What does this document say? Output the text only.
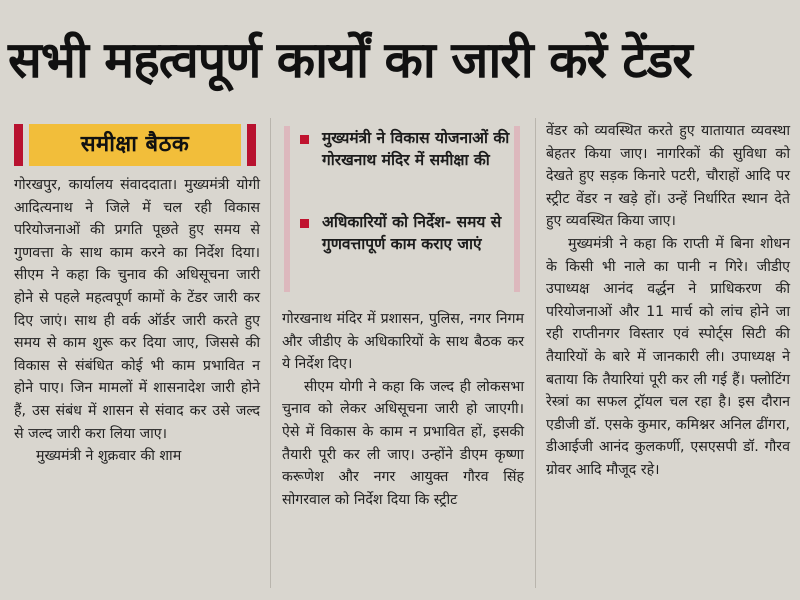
सभी महत्वपूर्ण कार्यों का जारी करें टेंडर
समीक्षा बैठक

गोरखपुर, कार्यालय संवाददाता। मुख्यमंत्री योगी आदित्यनाथ ने जिले में चल रही विकास परियोजनाओं की प्रगति पूछते हुए समय से गुणवत्ता के साथ काम करने का निर्देश दिया। सीएम ने कहा कि चुनाव की अधिसूचना जारी होने से पहले महत्वपूर्ण कामों के टेंडर जारी कर दिए जाएं। साथ ही वर्क ऑर्डर जारी करते हुए समय से काम शुरू कर दिया जाए, जिससे की विकास से संबंधित कोई भी काम प्रभावित न होने पाए। जिन मामलों में शासनादेश जारी होने हैं, उस संबंध में शासन से संवाद कर उसे जल्द से जल्द जारी करा लिया जाए।

मुख्यमंत्री ने शुक्रवार की शाम

मुख्यमंत्री ने विकास योजनाओं की गोरखनाथ मंदिर में समीक्षा की
अधिकारियों को निर्देश- समय से गुणवत्तापूर्ण काम कराए जाएं

गोरखनाथ मंदिर में प्रशासन, पुलिस, नगर निगम और जीडीए के अधिकारियों के साथ बैठक कर ये निर्देश दिए।

सीएम योगी ने कहा कि जल्द ही लोकसभा चुनाव को लेकर अधिसूचना जारी हो जाएगी। ऐसे में विकास के काम न प्रभावित हों, इसकी तैयारी पूरी कर ली जाए। उन्होंने डीएम कृष्णा करूणेश और नगर आयुक्त गौरव सिंह सोगरवाल को निर्देश दिया कि स्ट्रीट

वेंडर को व्यवस्थित करते हुए यातायात व्यवस्था बेहतर किया जाए। नागरिकों की सुविधा को देखते हुए सड़क किनारे पटरी, चौराहों आदि पर स्ट्रीट वेंडर न खड़े हों। उन्हें निर्धारित स्थान देते हुए व्यवस्थित किया जाए।

मुख्यमंत्री ने कहा कि राप्ती में बिना शोधन के किसी भी नाले का पानी न गिरे। जीडीए उपाध्यक्ष आनंद वर्द्धन ने प्राधिकरण की परियोजनाओं और 11 मार्च को लांच होने जा रही राप्तीनगर विस्तार एवं स्पोर्ट्स सिटी की तैयारियों के बारे में जानकारी ली। उपाध्यक्ष ने बताया कि तैयारियां पूरी कर ली गई हैं। फ्लोटिंग रेस्त्रां का सफल ट्रॉयल चल रहा है। इस दौरान एडीजी डॉ. एसके कुमार, कमिश्नर अनिल ढींगरा, डीआईजी आनंद कुलकर्णी, एसएसपी डॉ. गौरव ग्रोवर आदि मौजूद रहे।
